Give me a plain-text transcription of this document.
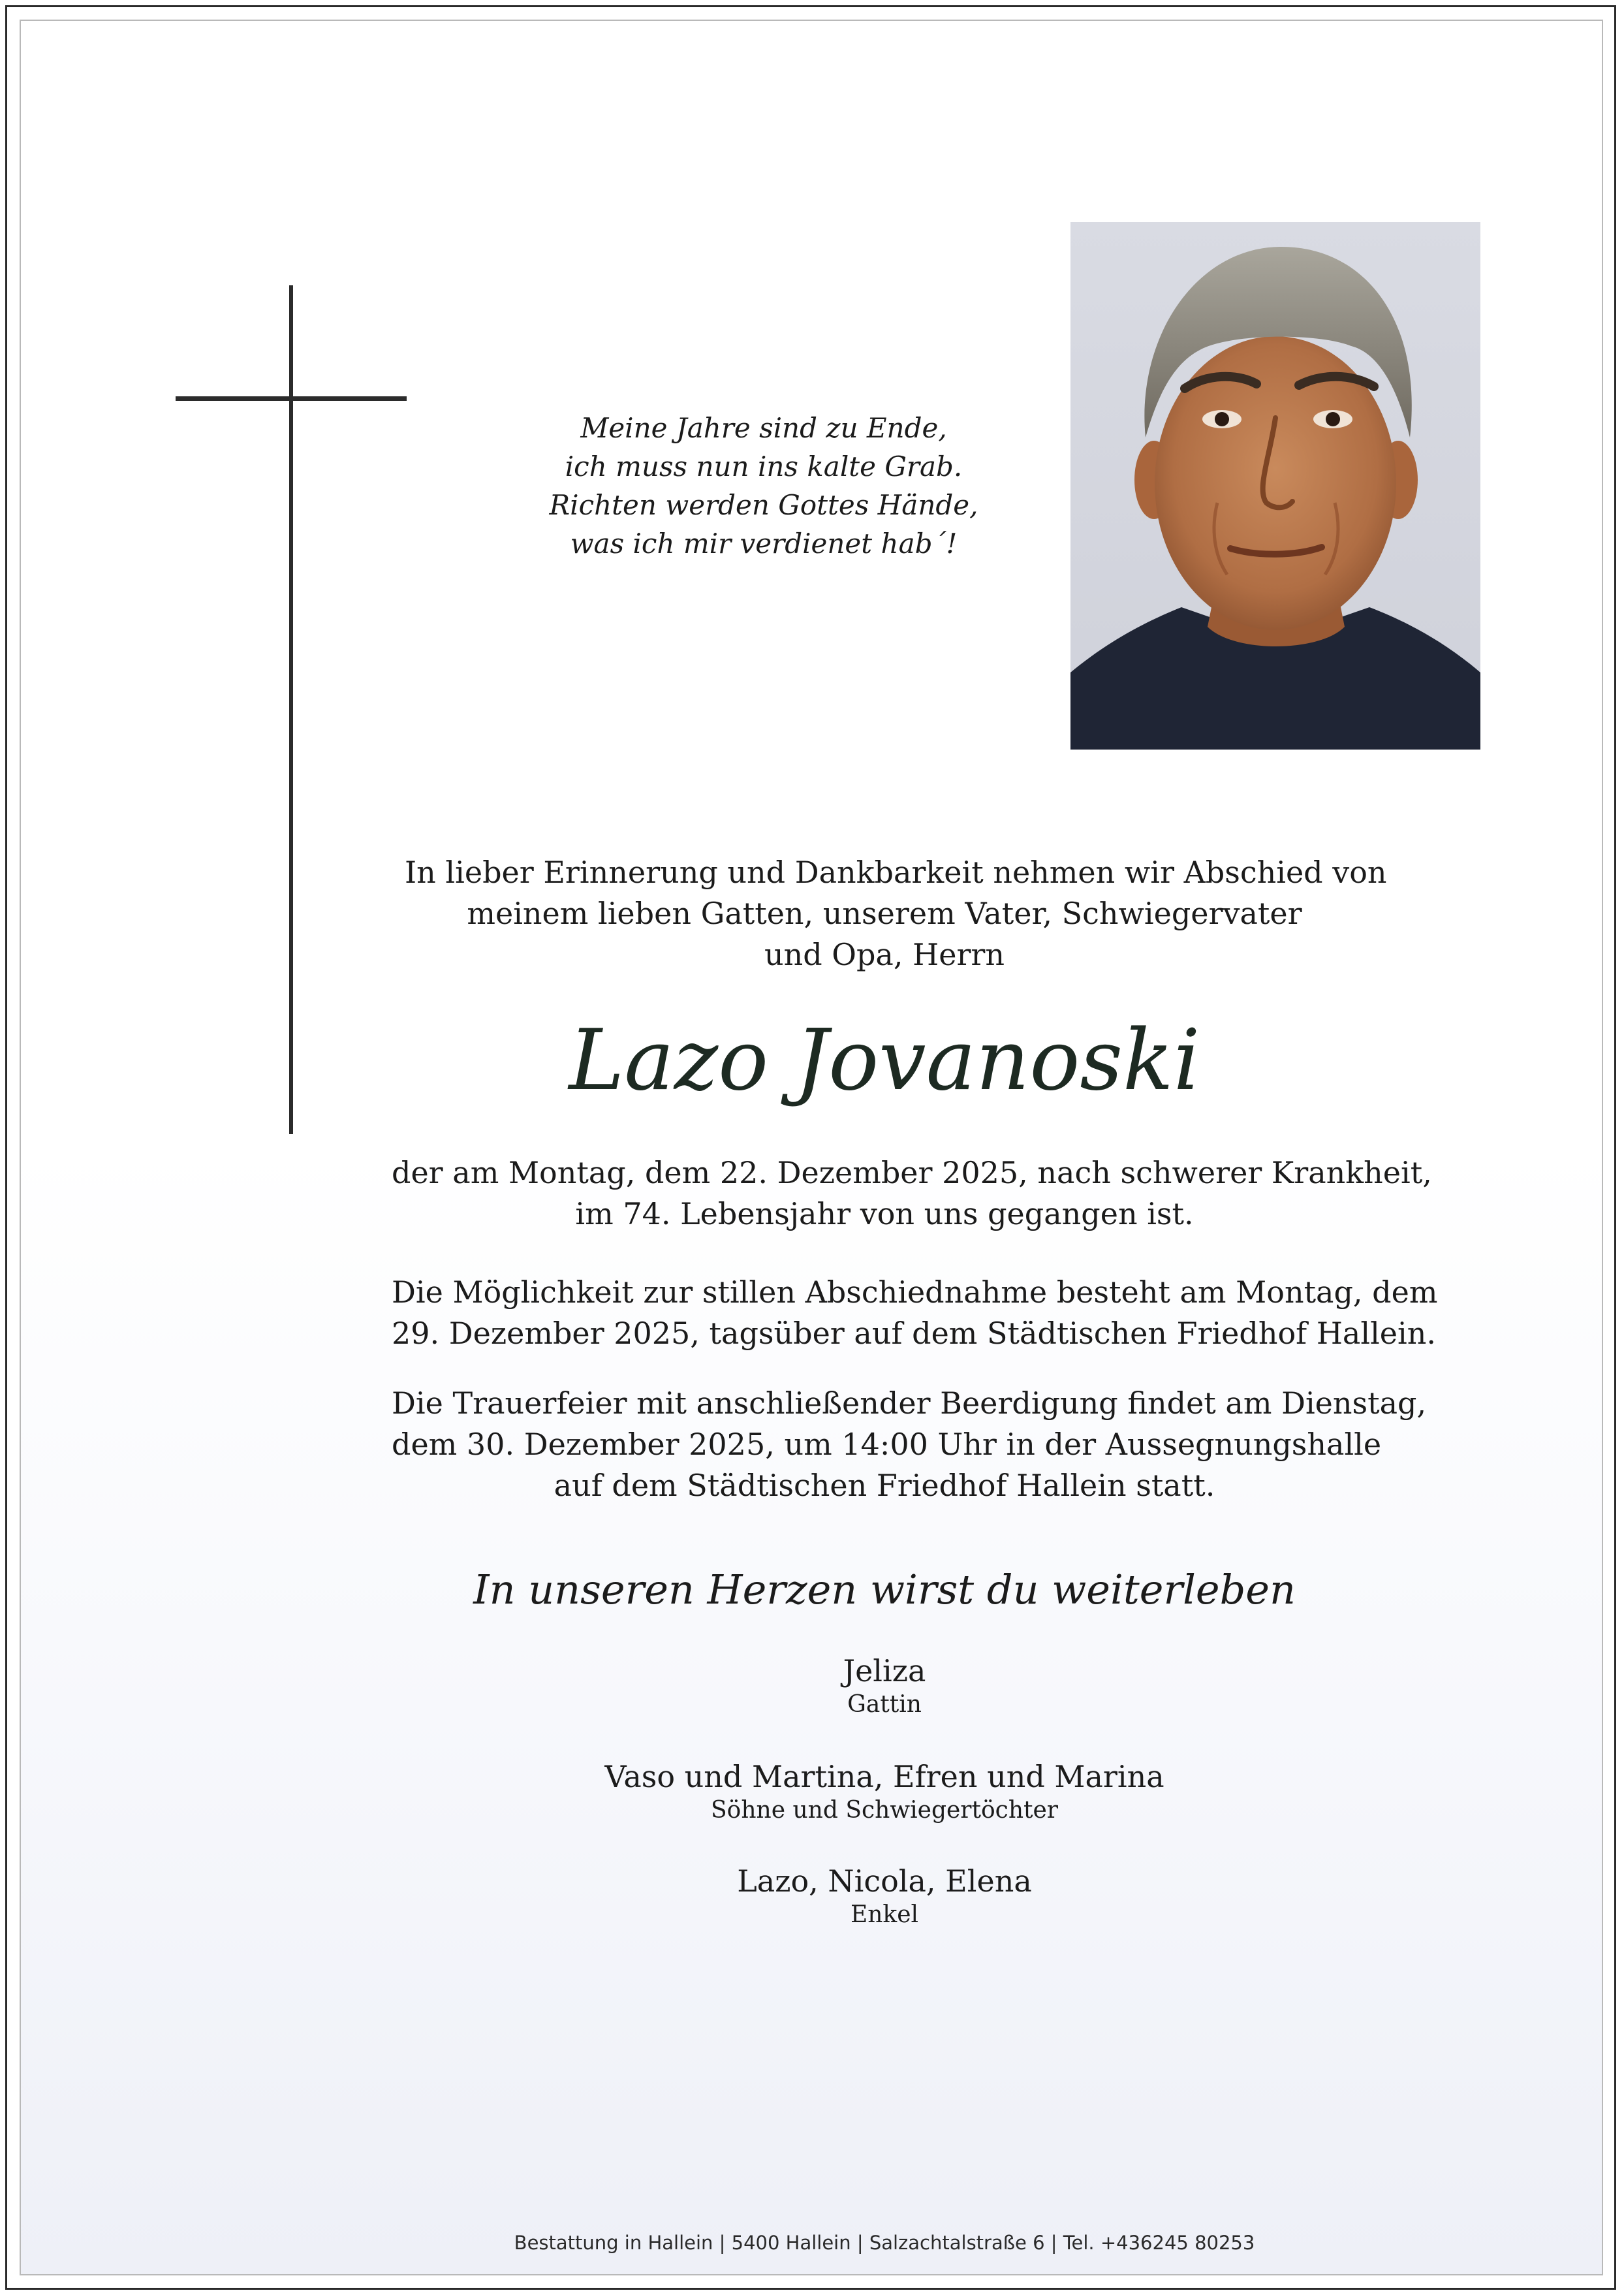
Meine Jahre sind zu Ende,
ich muss nun ins kalte Grab.
Richten werden Gottes Hände,
was ich mir verdienet hab´!
In lieber Erinnerung und Dankbarkeit nehmen wir Abschied von
meinem lieben Gatten, unserem Vater, Schwiegervater
und Opa, Herrn
Lazo Jovanoski
der am Montag, dem 22. Dezember 2025, nach schwerer Krankheit,
im 74. Lebensjahr von uns gegangen ist.
Die Möglichkeit zur stillen Abschiednahme besteht am Montag, dem
29. Dezember 2025, tagsüber auf dem Städtischen Friedhof Hallein.
Die Trauerfeier mit anschließender Beerdigung findet am Dienstag,
dem 30. Dezember 2025, um 14:00 Uhr in der Aussegnungshalle
auf dem Städtischen Friedhof Hallein statt.
In unseren Herzen wirst du weiterleben
Jeliza
Gattin
Vaso und Martina, Efren und Marina
Söhne und Schwiegertöchter
Lazo, Nicola, Elena
Enkel
Bestattung in Hallein | 5400 Hallein | Salzachtalstraße 6 | Tel. +436245 80253
